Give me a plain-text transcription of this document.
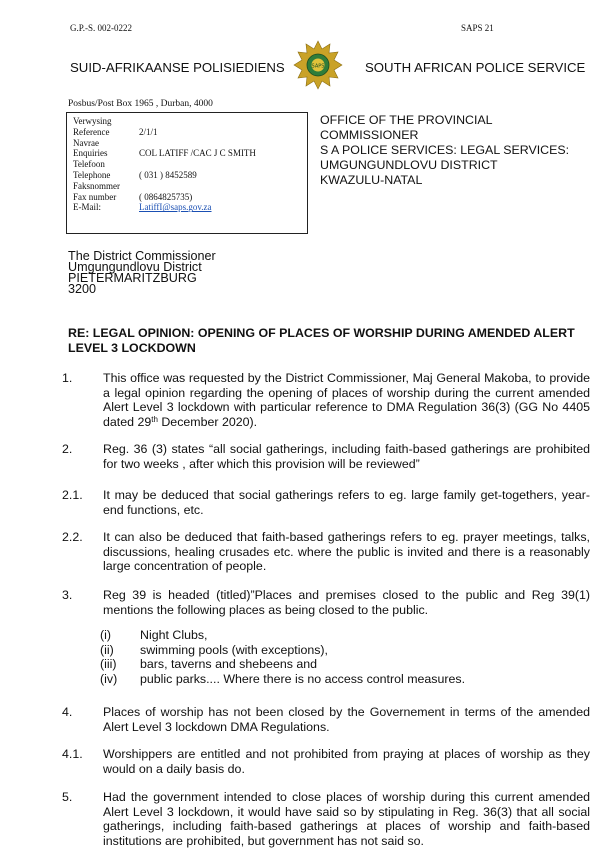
G.P.-S. 002-0222	SAPS 21
SUID-AFRIKAANSE POLISIEDIENS	SOUTH AFRICAN POLICE SERVICE
SAPS
Posbus/Post Box 1965 , Durban, 4000
Verwysing
Reference	2/1/1
Navrae
Enquiries	COL LATIFF /CAC J C SMITH
Telefoon
Telephone	( 031 ) 8452589
Faksnommer
Fax number	( 0864825735)
E-Mail:	LatiffI@saps.gov.za
OFFICE OF THE PROVINCIAL
COMMISSIONER
S A POLICE SERVICES: LEGAL SERVICES:
UMGUNGUNDLOVU DISTRICT
KWAZULU-NATAL
The District Commissioner
Umgungundlovu District
PIETERMARITZBURG
3200
RE: LEGAL OPINION: OPENING OF PLACES OF WORSHIP DURING AMENDED ALERT LEVEL 3 LOCKDOWN
1. This office was requested by the District Commissioner, Maj General Makoba, to provide a legal opinion regarding the opening of places of worship during the current amended Alert Level 3 lockdown with particular reference to DMA Regulation 36(3) (GG No 4405 dated 29th December 2020).
2. Reg. 36 (3) states “all social gatherings, including faith-based gatherings are prohibited for two weeks , after which this provision will be reviewed”
2.1. It may be deduced that social gatherings refers to eg. large family get-togethers, year-end functions, etc.
2.2. It can also be deduced that faith-based gatherings refers to eg. prayer meetings, talks, discussions, healing crusades etc. where the public is invited and there is a reasonably large concentration of people.
3. Reg 39 is headed (titled)”Places and premises closed to the public and Reg 39(1) mentions the following places as being closed to the public.
(i) Night Clubs,
(ii) swimming pools (with exceptions),
(iii) bars, taverns and shebeens and
(iv) public parks.... Where there is no access control measures.
4. Places of worship has not been closed by the Governement in terms of the amended Alert Level 3 lockdown DMA Regulations.
4.1. Worshippers are entitled and not prohibited from praying at places of worship as they would on a daily basis do.
5. Had the government intended to close places of worship during this current amended Alert Level 3 lockdown, it would have said so by stipulating in Reg. 36(3) that all social gatherings, including faith-based gatherings at places of worship and faith-based institutions are prohibited, but government has not said so.
